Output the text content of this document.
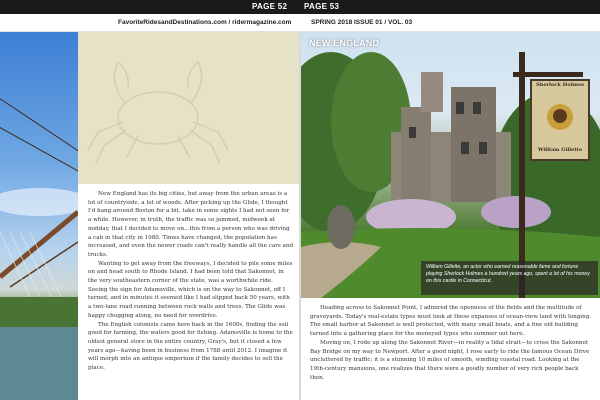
PAGE 52 PAGE 53
FavoriteRidesandDestinations.com / ridermagazine.com	SPRING 2018 ISSUE 01 / VOL. 03

New England has its big cities, but away from the urban areas is a lot of countryside, a lot of woods. After picking up the Glide, I thought I'd hang around Boston for a bit, take in some sights I had not seen for a while. However, in truth, the traffic was so jammed, midweek at midday, that I decided to move on...this from a person who was driving a cab in that city in 1980. Times have changed, the population has increased, and even the newer roads can't really handle all the cars and trucks.

Wanting to get away from the freeways, I decided to pile some miles on and head south to Rhode Island. I had been told that Sakonnet, in the very southeastern corner of the state, was a worthwhile ride. Seeing the sign for Adamsville, which is on the way to Sakonnet, off I turned, and in minutes it seemed like I had slipped back 50 years, with a two-lane road running between rock walls and trees. The Glide was happy chugging along, no need for overdrive.

The English colonists came here back in the 1600s, finding the soil good for farming, the waters good for fishing. Adamsville is home to the oldest general store in the entire country, Gray's, but it closed a few years ago—having been in business from 1788 until 2012. I imagine it will morph into an antique emporium if the family decides to sell the place.

NEW ENGLAND
Sherlock Holmes
William Gillette
William Gillette, an actor who earned reasonable fame and fortune playing Sherlock Holmes a hundred years ago, spent a lot of his money on this castle in Connecticut.

Heading across to Sakonnet Point, I admired the openness of the fields and the multitude of graveyards. Today's real-estate types must look at these expanses of ocean-view land with longing. The small harbor at Sakonnet is well protected, with many small boats, and a fine old building turned into a gathering place for the moneyed types who summer out here.

Moving on, I rode up along the Sakonnet River—in reality a tidal strait—to cross the Sakonnet Bay Bridge on my way to Newport. After a good night, I rose early to ride the famous Ocean Drive uncluttered by traffic; it is a stunning 10 miles of smooth, winding coastal road. Looking at the 19th-century mansions, one realizes that there were a goodly number of very rich people back then.
